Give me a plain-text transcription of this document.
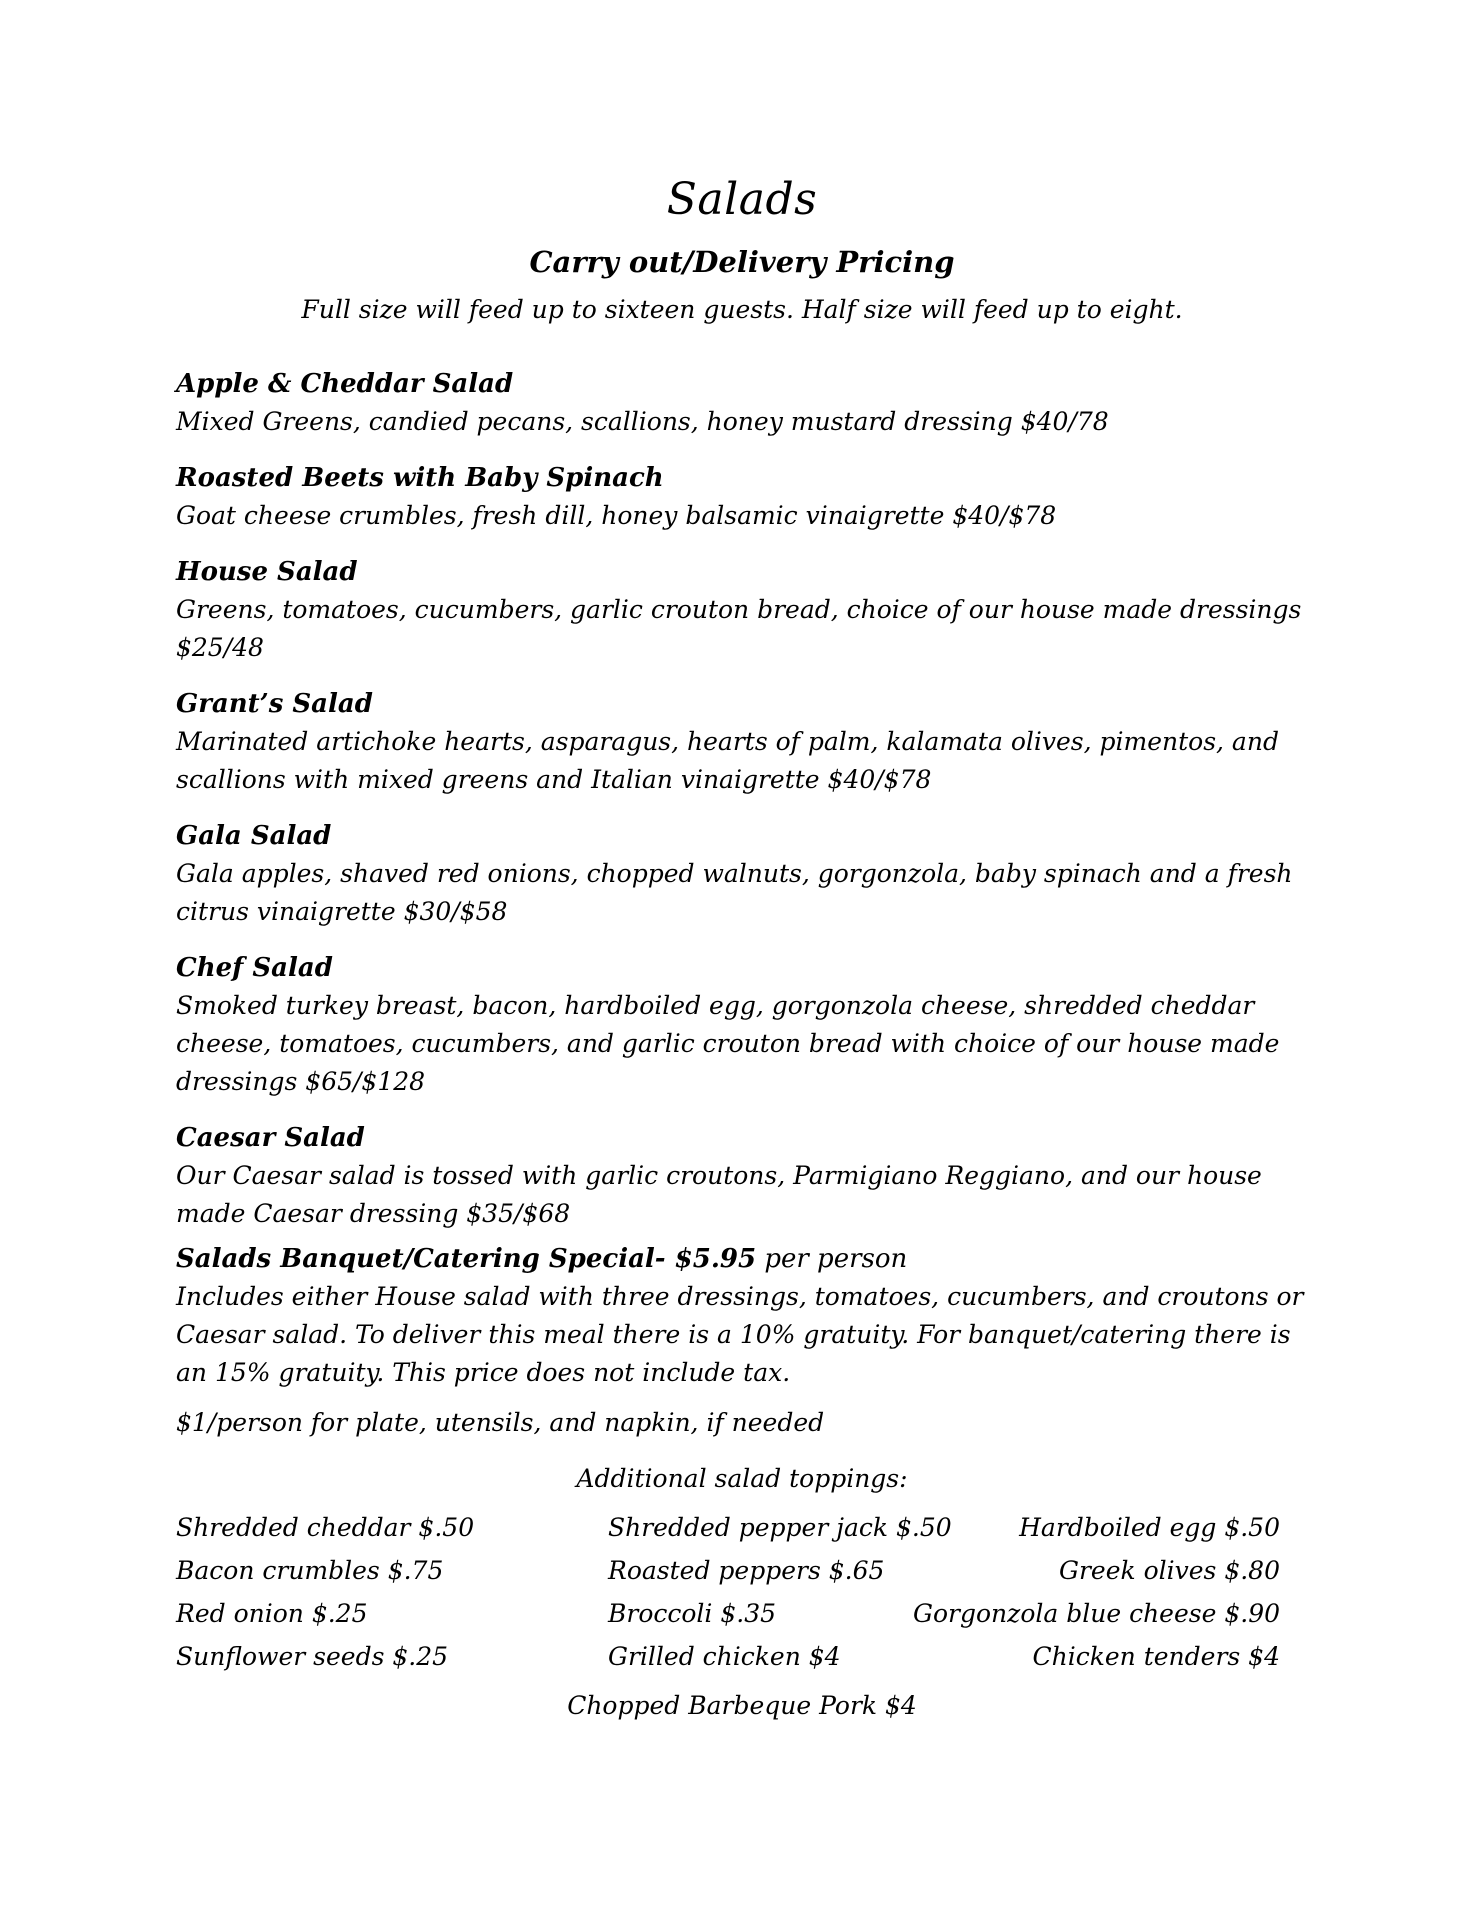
Salads
Carry out/Delivery Pricing
Full size will feed up to sixteen guests. Half size will feed up to eight.
Apple & Cheddar Salad
Mixed Greens, candied pecans, scallions, honey mustard dressing $40/78
Roasted Beets with Baby Spinach
Goat cheese crumbles, fresh dill, honey balsamic vinaigrette $40/$78
House Salad
Greens, tomatoes, cucumbers, garlic crouton bread, choice of our house made dressings $25/48
Grant’s Salad
Marinated artichoke hearts, asparagus, hearts of palm, kalamata olives, pimentos, and scallions with mixed greens and Italian vinaigrette $40/$78
Gala Salad
Gala apples, shaved red onions, chopped walnuts, gorgonzola, baby spinach and a fresh citrus vinaigrette $30/$58
Chef Salad
Smoked turkey breast, bacon, hardboiled egg, gorgonzola cheese, shredded cheddar cheese, tomatoes, cucumbers, and garlic crouton bread with choice of our house made dressings $65/$128
Caesar Salad
Our Caesar salad is tossed with garlic croutons, Parmigiano Reggiano, and our house made Caesar dressing $35/$68
Salads Banquet/Catering Special- $5.95 per person
Includes either House salad with three dressings, tomatoes, cucumbers, and croutons or Caesar salad. To deliver this meal there is a 10% gratuity. For banquet/catering there is an 15% gratuity. This price does not include tax.
$1/person for plate, utensils, and napkin, if needed
Additional salad toppings:
Shredded cheddar $.50
Bacon crumbles $.75
Red onion $.25
Sunflower seeds $.25
Shredded pepper jack $.50
Roasted peppers $.65
Broccoli $.35
Grilled chicken $4
Hardboiled egg $.50
Greek olives $.80
Gorgonzola blue cheese $.90
Chicken tenders $4
Chopped Barbeque Pork $4
